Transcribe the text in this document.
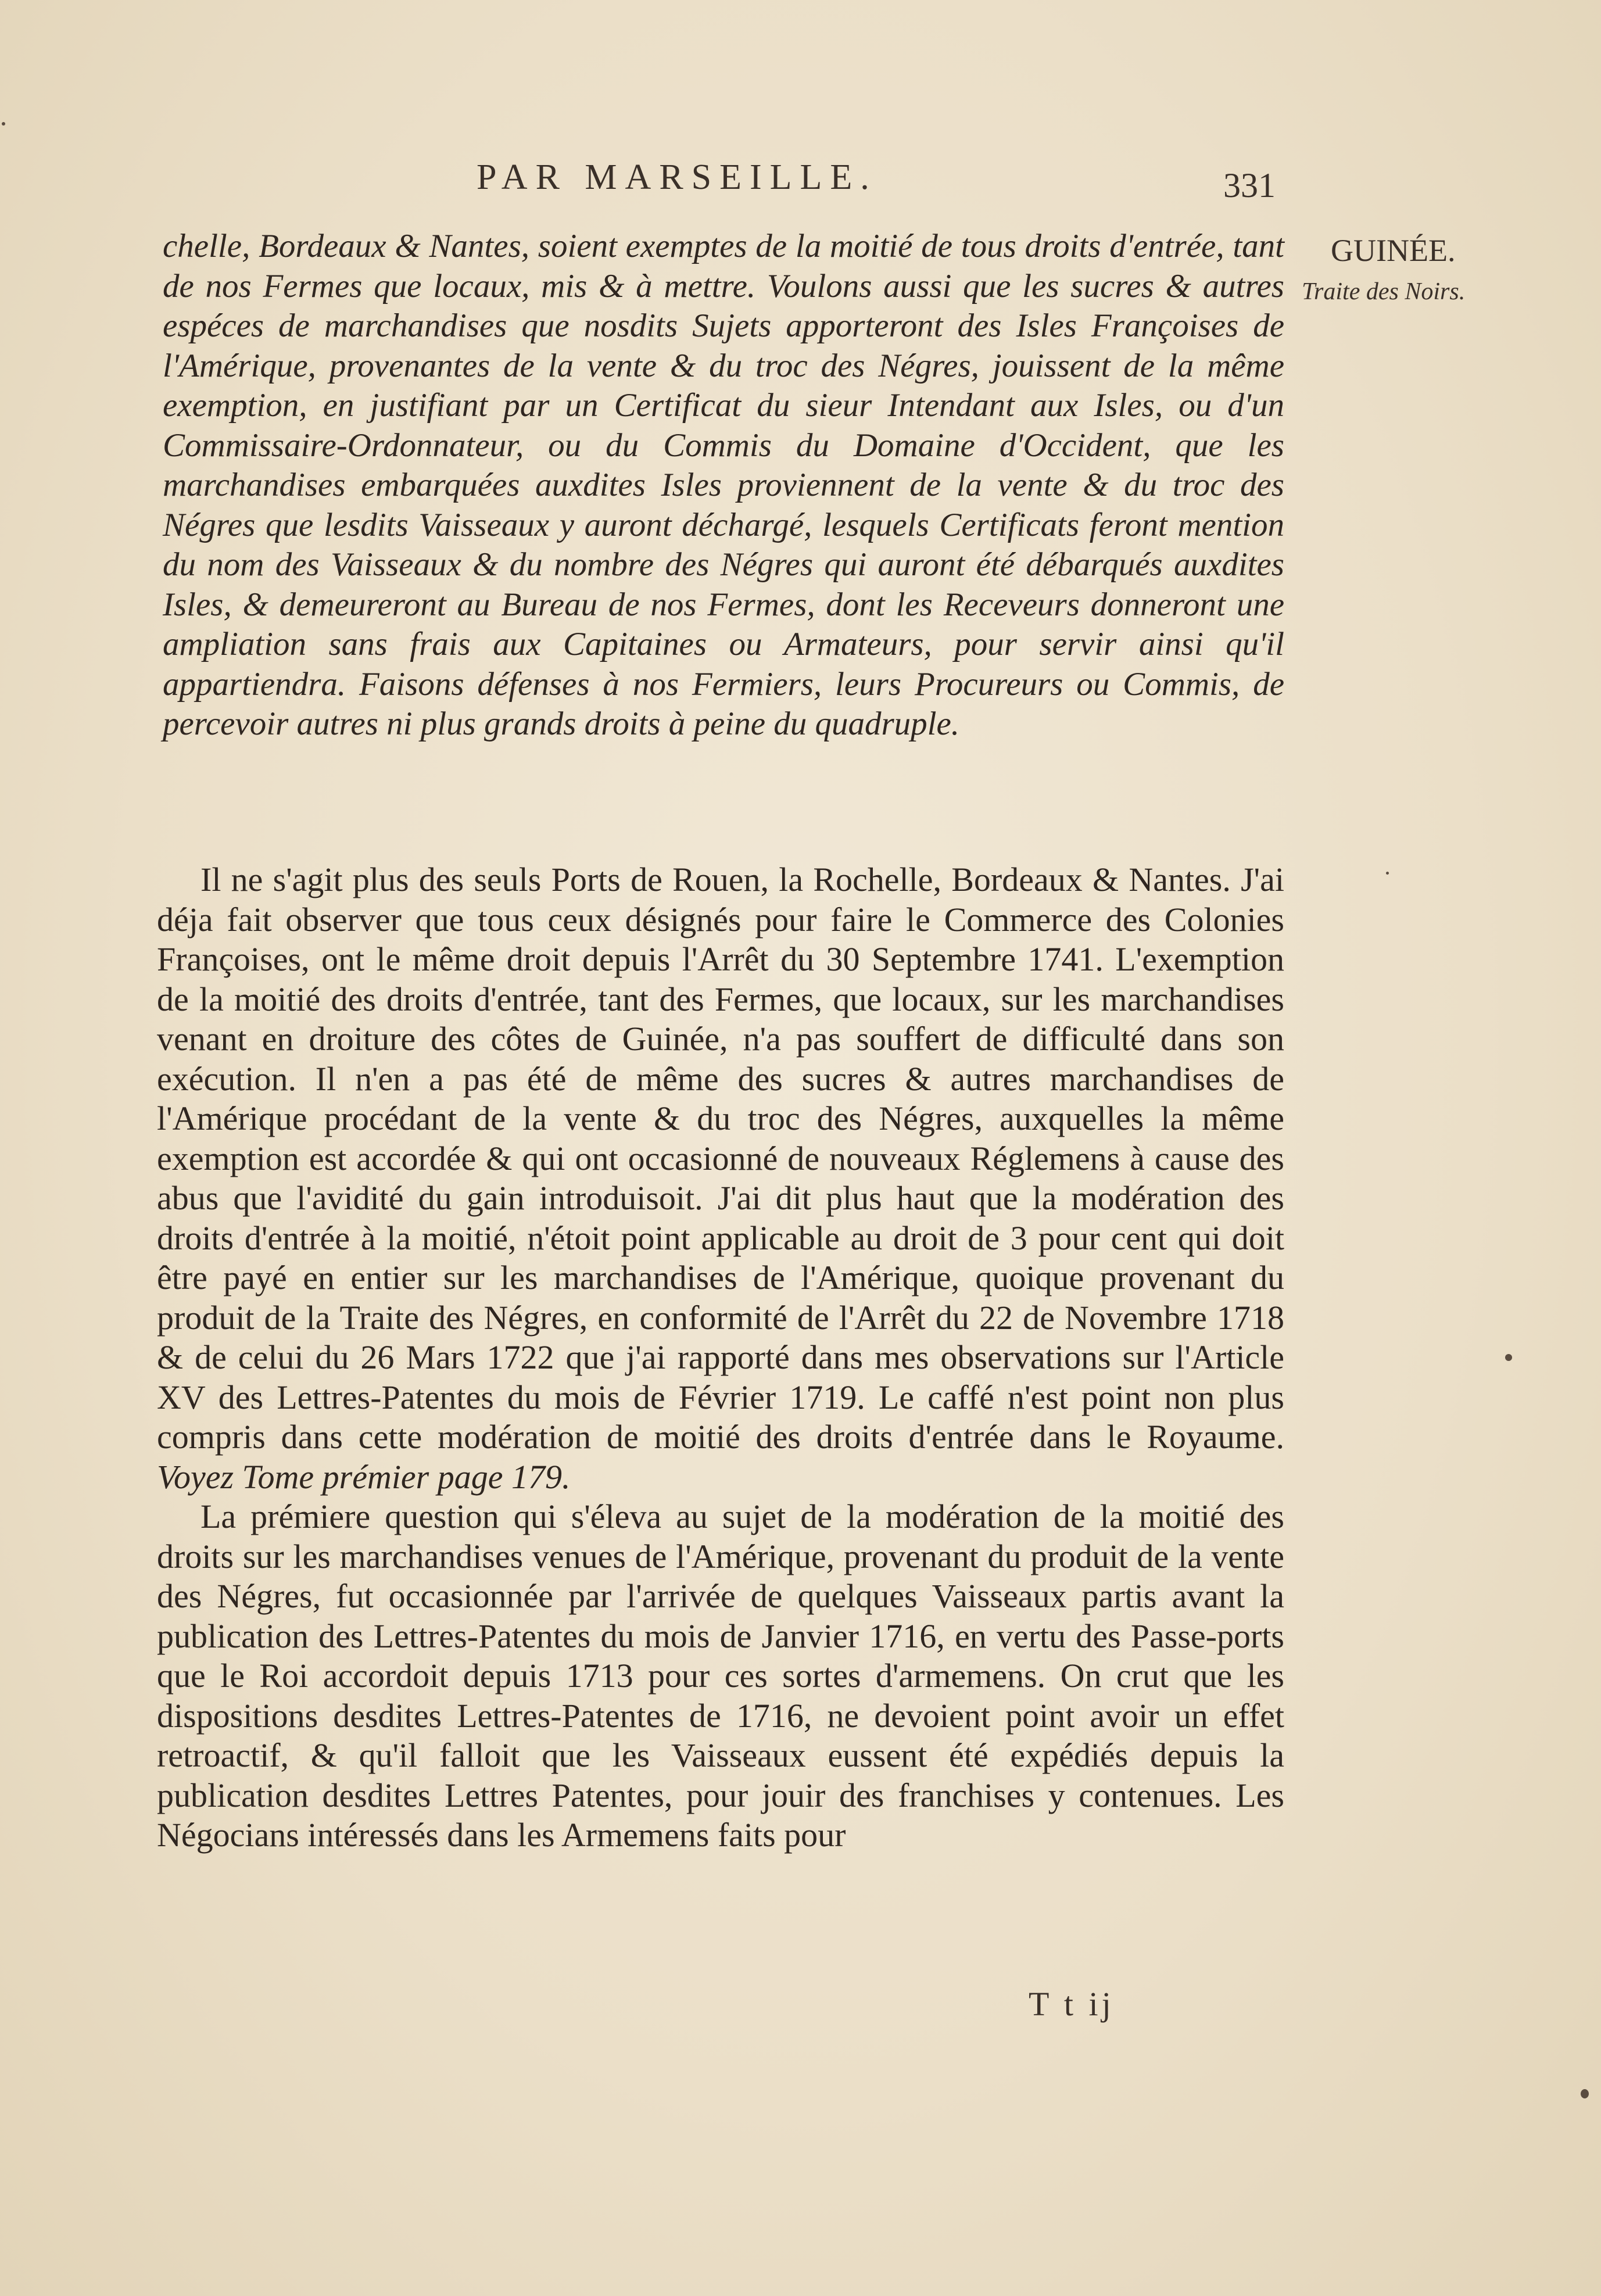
PAR MARSEILLE.	331
GUINÉE.
Traite des Noirs.

chelle, Bordeaux & Nantes, soient exemptes de la moitié de tous droits d'entrée, tant de nos Fermes que locaux, mis & à mettre. Voulons aussi que les sucres & autres espéces de marchandises que nosdits Sujets apporteront des Isles Françoises de l'Amérique, provenantes de la vente & du troc des Négres, jouissent de la même exemption, en justifiant par un Certificat du sieur Intendant aux Isles, ou d'un Commissaire-Ordonnateur, ou du Commis du Domaine d'Occident, que les marchandises embarquées auxdites Isles proviennent de la vente & du troc des Négres que lesdits Vaisseaux y auront déchargé, lesquels Certificats feront mention du nom des Vaisseaux & du nombre des Négres qui auront été débarqués auxdites Isles, & demeureront au Bureau de nos Fermes, dont les Receveurs donneront une ampliation sans frais aux Capitaines ou Armateurs, pour servir ainsi qu'il appartiendra. Faisons défenses à nos Fermiers, leurs Procureurs ou Commis, de percevoir autres ni plus grands droits à peine du quadruple.

Il ne s'agit plus des seuls Ports de Rouen, la Rochelle, Bordeaux & Nantes. J'ai déja fait observer que tous ceux désignés pour faire le Commerce des Colonies Françoises, ont le même droit depuis l'Arrêt du 30 Septembre 1741. L'exemption de la moitié des droits d'entrée, tant des Fermes, que locaux, sur les marchandises venant en droiture des côtes de Guinée, n'a pas souffert de difficulté dans son exécution. Il n'en a pas été de même des sucres & autres marchandises de l'Amérique procédant de la vente & du troc des Négres, auxquelles la même exemption est accordée & qui ont occasionné de nouveaux Réglemens à cause des abus que l'avidité du gain introduisoit. J'ai dit plus haut que la modération des droits d'entrée à la moitié, n'étoit point applicable au droit de 3 pour cent qui doit être payé en entier sur les marchandises de l'Amérique, quoique provenant du produit de la Traite des Négres, en conformité de l'Arrêt du 22 de Novembre 1718 & de celui du 26 Mars 1722 que j'ai rapporté dans mes observations sur l'Article XV des Lettres-Patentes du mois de Février 1719. Le caffé n'est point non plus compris dans cette modération de moitié des droits d'entrée dans le Royaume. Voyez Tome prémier page 179.

La prémiere question qui s'éleva au sujet de la modération de la moitié des droits sur les marchandises venues de l'Amérique, provenant du produit de la vente des Négres, fut occasionnée par l'arrivée de quelques Vaisseaux partis avant la publication des Lettres-Patentes du mois de Janvier 1716, en vertu des Passe-ports que le Roi accordoit depuis 1713 pour ces sortes d'armemens. On crut que les dispositions desdites Lettres-Patentes de 1716, ne devoient point avoir un effet retroactif, & qu'il falloit que les Vaisseaux eussent été expédiés depuis la publication desdites Lettres Patentes, pour jouir des franchises y contenues. Les Négocians intéressés dans les Armemens faits pour

T t ij
